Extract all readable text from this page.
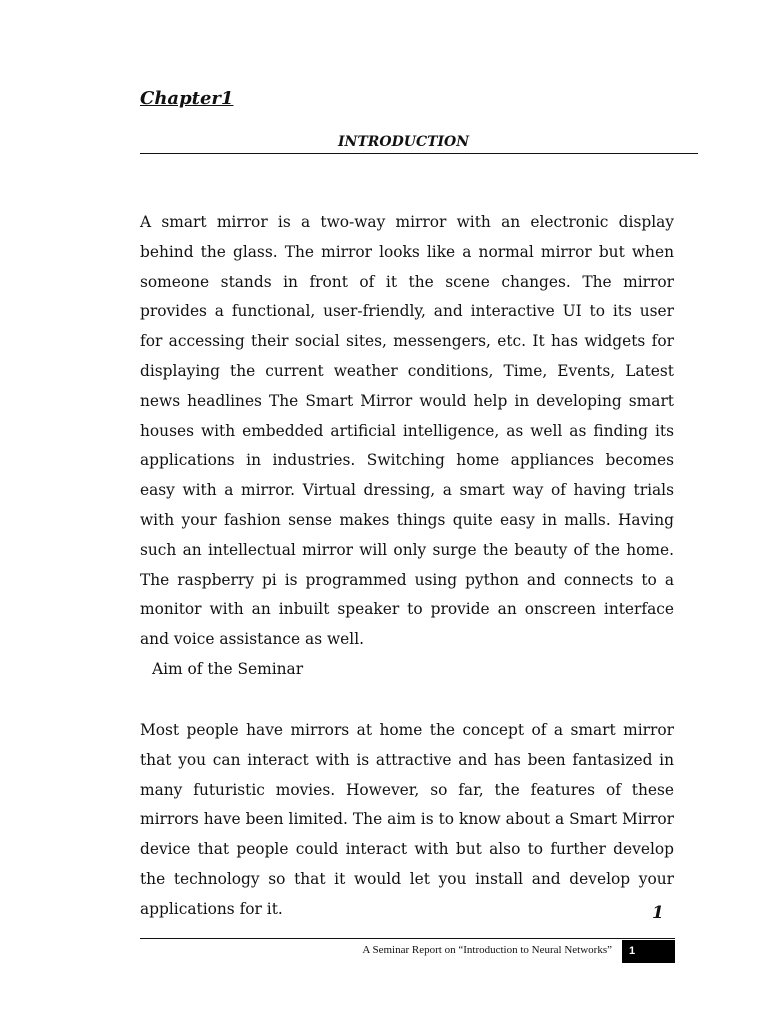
Chapter1
INTRODUCTION

A smart mirror is a two-way mirror with an electronic display behind the glass. The mirror looks like a normal mirror but when someone stands in front of it the scene changes. The mirror provides a functional, user-friendly, and interactive UI to its user for accessing their social sites, messengers, etc. It has widgets for displaying the current weather conditions, Time, Events, Latest news headlines The Smart Mirror would help in developing smart houses with embedded artificial intelligence, as well as finding its applications in industries. Switching home appliances becomes easy with a mirror. Virtual dressing, a smart way of having trials with your fashion sense makes things quite easy in malls. Having such an intellectual mirror will only surge the beauty of the home. The raspberry pi is programmed using python and connects to a monitor with an inbuilt speaker to provide an onscreen interface and voice assistance as well.

Aim of the Seminar

Most people have mirrors at home the concept of a smart mirror that you can interact with is attractive and has been fantasized in many futuristic movies. However, so far, the features of these mirrors have been limited. The aim is to know about a Smart Mirror device that people could interact with but also to further develop the technology so that it would let you install and develop your applications for it.	1
A Seminar Report on “Introduction to Neural Networks”	1
